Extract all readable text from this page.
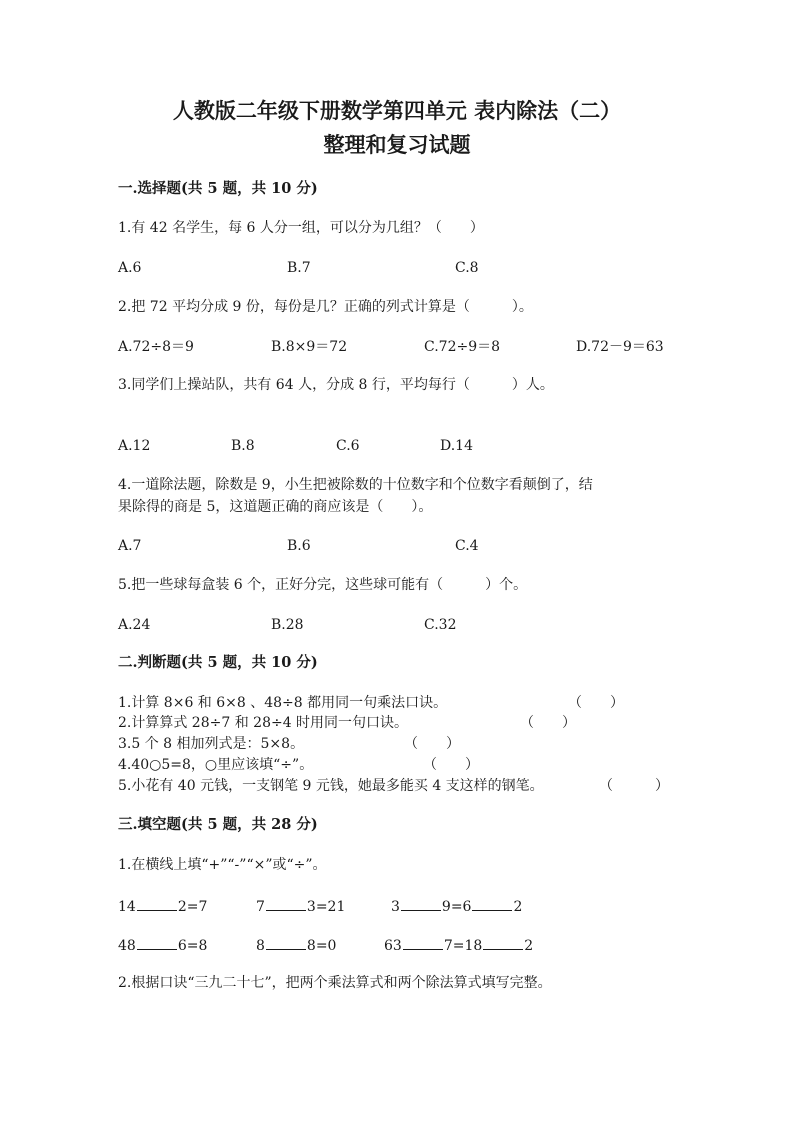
人教版二年级下册数学第四单元 表内除法（二）
整理和复习试题
一.选择题(共 5 题，共 10 分)
1.有 42 名学生，每 6 人分一组，可以分为几组？（　　）
A.6	B.7	C.8
2.把 72 平均分成 9 份，每份是几？正确的列式计算是（　　　）。
A.72÷8＝9	B.8×9＝72	C.72÷9＝8	D.72－9＝63
3.同学们上操站队，共有 64 人，分成 8 行，平均每行（　　　）人。
A.12	B.8	C.6	D.14
4.一道除法题，除数是 9，小生把被除数的十位数字和个位数字看颠倒了，结
果除得的商是 5，这道题正确的商应该是（　　）。
A.7	B.6	C.4
5.把一些球每盒装 6 个，正好分完，这些球可能有（　　　）个。
A.24	B.28	C.32
二.判断题(共 5 题，共 10 分)
1.计算 8×6 和 6×8 、48÷8 都用同一句乘法口诀。	（　　）
2.计算算式 28÷7 和 28÷4 时用同一句口诀。	（　　）
3.5 个 8 相加列式是：5×8。	（　　）
4.40○5=8，○里应该填“÷”。	（　　）
5.小花有 40 元钱，一支钢笔 9 元钱，她最多能买 4 支这样的钢笔。	（　　　）
三.填空题(共 5 题，共 28 分)
1.在横线上填“+”“-”“×”或“÷”。
14	2=7	7	3=21	3	9=6	2
48	6=8	8	8=0	63	7=18	2
2.根据口诀“三九二十七”，把两个乘法算式和两个除法算式填写完整。
